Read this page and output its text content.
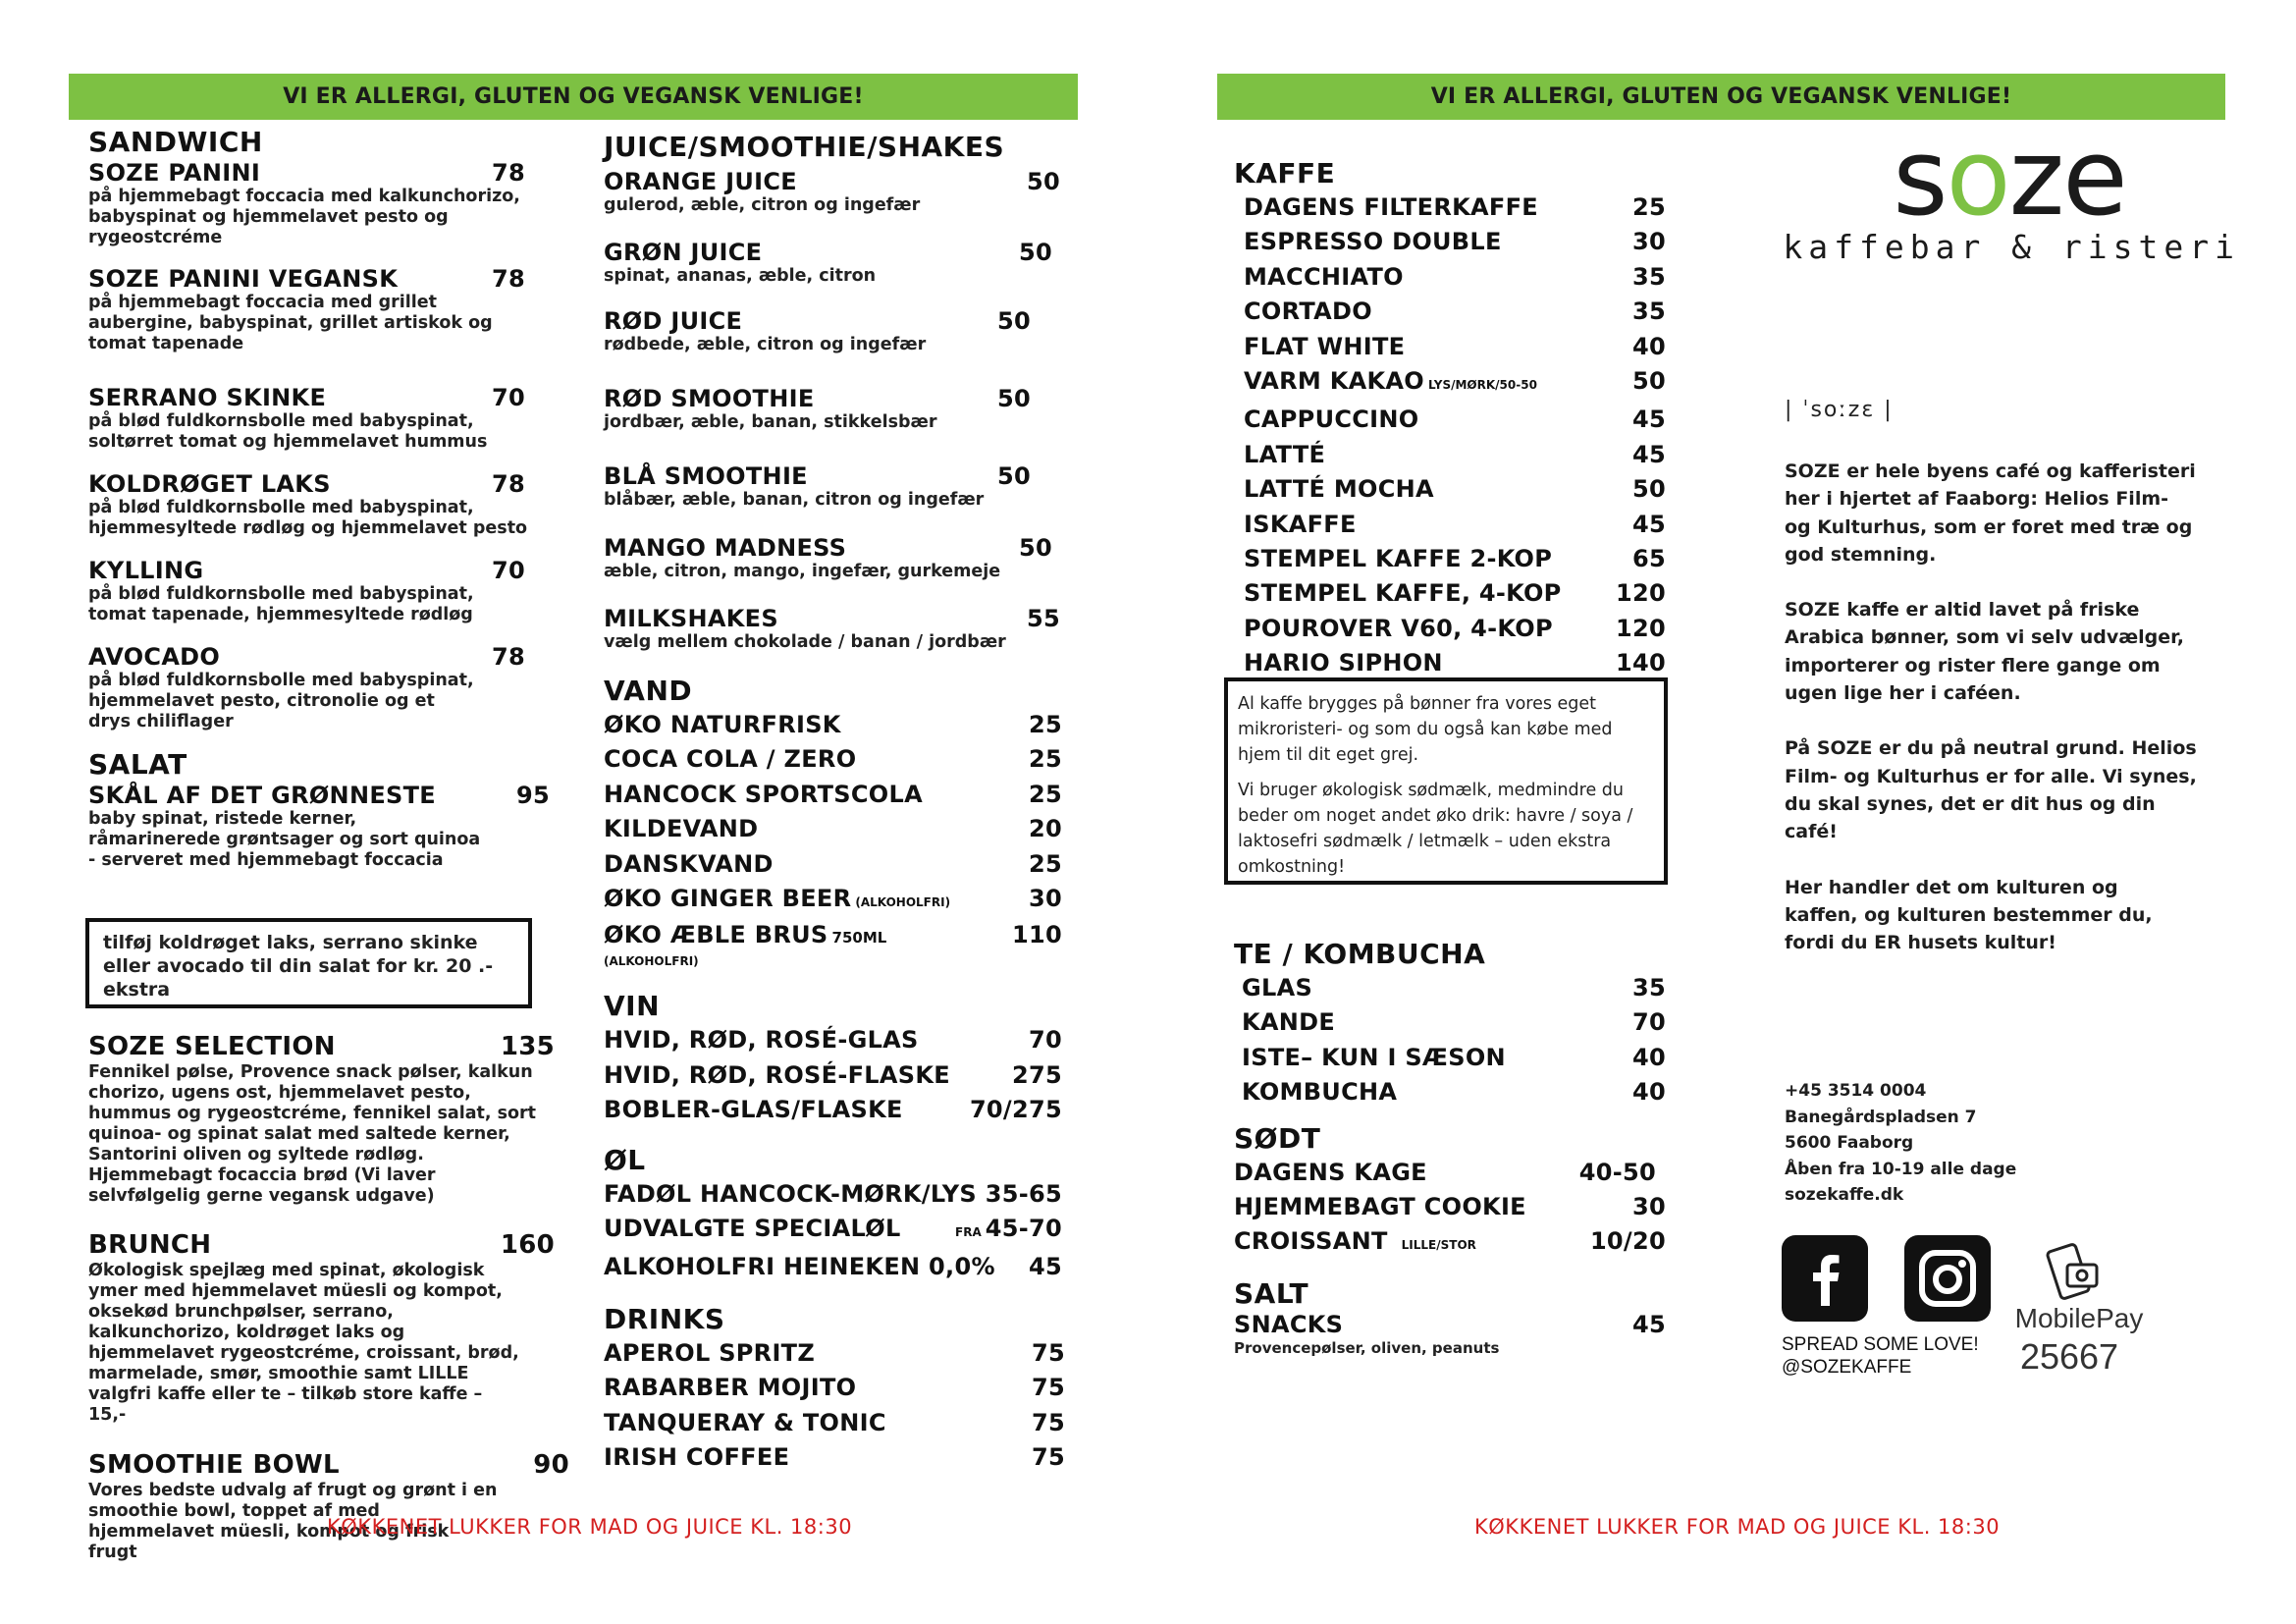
VI ER ALLERGI, GLUTEN OG VEGANSK VENLIGE!
SANDWICH
SOZE PANINI	78
på hjemmebagt foccacia med kalkunchorizo, babyspinat og hjemmelavet pesto og rygeostcréme
SOZE PANINI VEGANSK	78
på hjemmebagt foccacia med grillet aubergine, babyspinat, grillet artiskok og tomat tapenade
SERRANO SKINKE	70
på blød fuldkornsbolle med babyspinat, soltørret tomat og hjemmelavet hummus
KOLDRØGET LAKS	78
på blød fuldkornsbolle med babyspinat, hjemmesyltede rødløg og hjemmelavet pesto
KYLLING	70
på blød fuldkornsbolle med babyspinat, tomat tapenade, hjemmesyltede rødløg
AVOCADO	78
på blød fuldkornsbolle med babyspinat, hjemmelavet pesto, citronolie og et drys chiliflager
SALAT
SKÅL AF DET GRØNNESTE	95
baby spinat, ristede kerner, råmarinerede grøntsager og sort quinoa - serveret med hjemmebagt foccacia
tilføj koldrøget laks, serrano skinke eller avocado til din salat for kr. 20 .- ekstra
SOZE SELECTION	135
Fennikel pølse, Provence snack pølser, kalkun chorizo, ugens ost, hjemmelavet pesto, hummus og rygeostcréme, fennikel salat, sort quinoa- og spinat salat med saltede kerner, Santorini oliven og syltede rødløg. Hjemmebagt focaccia brød (Vi laver selvfølgelig gerne vegansk udgave)
BRUNCH	160
Økologisk spejlæg med spinat, økologisk ymer med hjemmelavet müesli og kompot, oksekød brunchpølser, serrano, kalkunchorizo, koldrøget laks og hjemmelavet rygeostcréme, croissant, brød, marmelade, smør, smoothie samt LILLE valgfri kaffe eller te – tilkøb store kaffe – 15,-
SMOOTHIE BOWL	90
Vores bedste udvalg af frugt og grønt i en smoothie bowl, toppet af med hjemmelavet müesli, kompot og frisk frugt
JUICE/SMOOTHIE/SHAKES
ORANGE JUICE	50
gulerod, æble, citron og ingefær
GRØN JUICE	50
spinat, ananas, æble, citron
RØD JUICE	50
rødbede, æble, citron og ingefær
RØD SMOOTHIE	50
jordbær, æble, banan, stikkelsbær
BLÅ SMOOTHIE	50
blåbær, æble, banan, citron og ingefær
MANGO MADNESS	50
æble, citron, mango, ingefær, gurkemeje
MILKSHAKES	55
vælg mellem chokolade / banan / jordbær
VAND
ØKO NATURFRISK	25
COCA COLA / ZERO	25
HANCOCK SPORTSCOLA	25
KILDEVAND	20
DANSKVAND	25
ØKO GINGER BEER (ALKOHOLFRI)	30
ØKO ÆBLE BRUS 750ML	110
(ALKOHOLFRI)
VIN
HVID, RØD, ROSÉ-GLAS	70
HVID, RØD, ROSÉ-FLASKE	275
BOBLER-GLAS/FLASKE	70/275
ØL
FADØL HANCOCK-MØRK/LYS 35-65
UDVALGTE SPECIALØL	FRA 45-70
ALKOHOLFRI HEINEKEN 0,0% 45
DRINKS
APEROL SPRITZ	75
RABARBER MOJITO	75
TANQUERAY & TONIC	75
IRISH COFFEE	75
KØKKENET LUKKER FOR MAD OG JUICE KL. 18:30
VI ER ALLERGI, GLUTEN OG VEGANSK VENLIGE!
KAFFE
DAGENS FILTERKAFFE	25
ESPRESSO DOUBLE	30
MACCHIATO	35
CORTADO	35
FLAT WHITE	40
VARM KAKAO LYS/MØRK/50-50	50
CAPPUCCINO	45
LATTÉ	45
LATTÉ MOCHA	50
ISKAFFE	45
STEMPEL KAFFE 2-KOP	65
STEMPEL KAFFE, 4-KOP 120
POUROVER V60, 4-KOP	120
HARIO SIPHON	140
Al kaffe brygges på bønner fra vores eget mikroristeri- og som du også kan købe med hjem til dit eget grej.
Vi bruger økologisk sødmælk, medmindre du beder om noget andet øko drik: havre / soya / laktosefri sødmælk / letmælk – uden ekstra omkostning!
TE / KOMBUCHA
GLAS	35
KANDE	70
ISTE– KUN I SÆSON	40
KOMBUCHA	40
SØDT
DAGENS KAGE	40-50
HJEMMEBAGT COOKIE	30
CROISSANT LILLE/STOR	10/20
SALT
SNACKS	45
Provencepølser, oliven, peanuts
soze
kaffebar & risteri
| ˈsoːzɛ |
SOZE er hele byens café og kafferisteri her i hjertet af Faaborg: Helios Film- og Kulturhus, som er foret med træ og god stemning.
SOZE kaffe er altid lavet på friske Arabica bønner, som vi selv udvælger, importerer og rister flere gange om ugen lige her i caféen.
På SOZE er du på neutral grund. Helios Film- og Kulturhus er for alle. Vi synes, du skal synes, det er dit hus og din café!
Her handler det om kulturen og kaffen, og kulturen bestemmer du, fordi du ER husets kultur!
+45 3514 0004
Banegårdspladsen 7
5600 Faaborg
Åben fra 10-19 alle dage
sozekaffe.dk
SPREAD SOME LOVE!
@SOZEKAFFE
MobilePay
25667
KØKKENET LUKKER FOR MAD OG JUICE KL. 18:30
